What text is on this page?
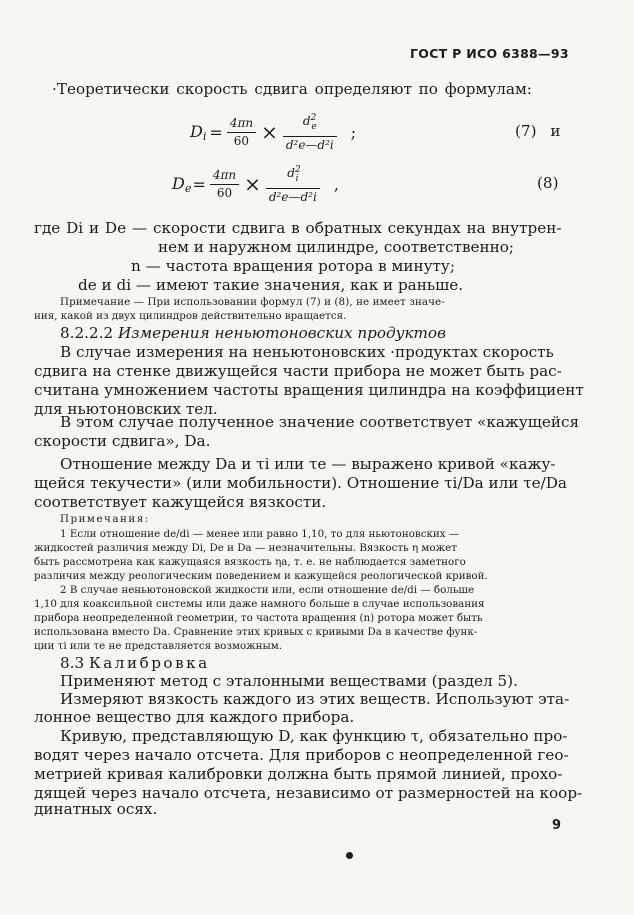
ГОСТ Р ИСО 6388—93
·Теоретически скорость сдвига определяют по формулам:
$D_i = \frac{4\pi n}{60} \times \frac{d^2_e}{\text{d²e—d²i}}$ ;	(7) и
$D_e = \frac{4\pi n}{60} \times \frac{d^2_i}{\text{d²e—d²i}}$ ,	(8)
где Di и De — скорости сдвига в обратных секундах на внутрен-
нем и наружном цилиндре, соответственно;
n — частота вращения ротора в минуту;
de и di — имеют такие значения, как и раньше.
Примечание — При использовании формул (7) и (8), не имеет значе-
ния, какой из двух цилиндров действительно вращается.
8.2.2.2 Измерения неньютоновских продуктов
В случае измерения на неньютоновских ·продуктах скорость
сдвига на стенке движущейся части прибора не может быть рас-
считана умножением частоты вращения цилиндра на коэффициент
для ньютоновских тел.
В этом случае полученное значение соответствует «кажущейся
скорости сдвига», Da.
Отношение между Da и τi или τe — выражено кривой «кажу-
щейся текучести» (или мобильности). Отношение τi/Da или τe/Da
соответствует кажущейся вязкости.
Примечания:
1 Если отношение de/di — менее или равно 1,10, то для ньютоновских —
жидкостей различия между Di, De и Da — незначительны. Вязкость η может
быть рассмотрена как кажущаяся вязкость ηa, т. е. не наблюдается заметного
различия между реологическим поведением и кажущейся реологической кривой.
2 В случае неньютоновской жидкости или, если отношение de/di — больше
1,10 для коаксильной системы или даже намного больше в случае использования
прибора неопределенной геометрии, то частота вращения (n) ротора может быть
использована вместо Da. Сравнение этих кривых с кривыми Da в качестве функ-
ции τi или τe не представляется возможным.
8.3 Калибровка
Применяют метод с эталонными веществами (раздел 5).
Измеряют вязкость каждого из этих веществ. Используют эта-
лонное вещество для каждого прибора.
Кривую, представляющую D, как функцию τ, обязательно про-
водят через начало отсчета. Для приборов с неопределенной гео-
метрией кривая калибровки должна быть прямой линией, прохо-
дящей через начало отсчета, независимо от размерностей на коор-
динатных осях.
9
